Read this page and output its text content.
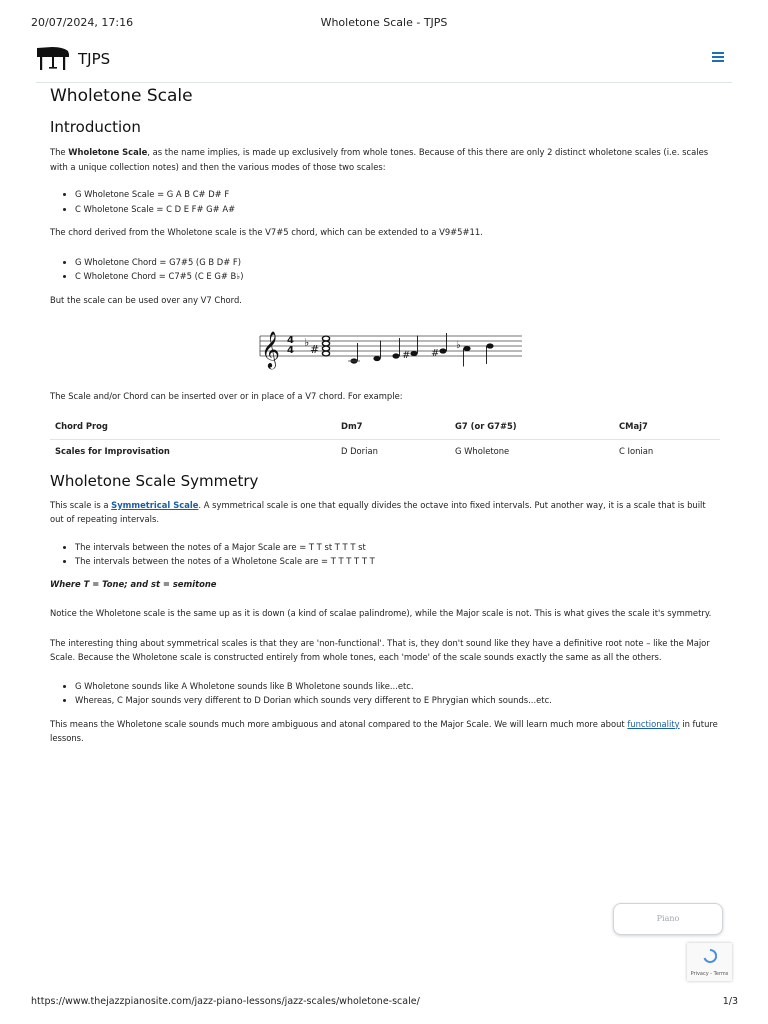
20/07/2024, 17:16	Wholetone Scale - TJPS
TJPS
Wholetone Scale
Introduction

The Wholetone Scale, as the name implies, is made up exclusively from whole tones. Because of this there are only 2 distinct wholetone scales (i.e. scales with a unique collection notes) and then the various modes of those two scales:

• G Wholetone Scale = G A B C# D# F
• C Wholetone Scale = C D E F# G# A#

The chord derived from the Wholetone scale is the V7#5 chord, which can be extended to a V9#5#11.

• G Wholetone Chord = G7#5 (G B D# F)
• C Wholetone Chord = C7#5 (C E G# B♭)

But the scale can be used over any V7 Chord.

𝄞 4
4
♭
#	# #
♭

The Scale and/or Chord can be inserted over or in place of a V7 chord. For example:

Chord Prog	Dm7	G7 (or G7#5)	CMaj7
Scales for Improvisation	D Dorian	G Wholetone	C Ionian
Wholetone Scale Symmetry

This scale is a Symmetrical Scale. A symmetrical scale is one that equally divides the octave into fixed intervals. Put another way, it is a scale that is built out of repeating intervals.

• The intervals between the notes of a Major Scale are = T T st T T T st
• The intervals between the notes of a Wholetone Scale are = T T T T T T

Where T = Tone; and st = semitone

Notice the Wholetone scale is the same up as it is down (a kind of scalae palindrome), while the Major scale is not. This is what gives the scale it's symmetry.

The interesting thing about symmetrical scales is that they are 'non-functional'. That is, they don't sound like they have a definitive root note – like the Major Scale. Because the Wholetone scale is constructed entirely from whole tones, each 'mode' of the scale sounds exactly the same as all the others.

• G Wholetone sounds like A Wholetone sounds like B Wholetone sounds like...etc.
• Whereas, C Major sounds very different to D Dorian which sounds very different to E Phrygian which sounds...etc.

This means the Wholetone scale sounds much more ambiguous and atonal compared to the Major Scale. We will learn much more about functionality in future lessons.

Piano
Privacy - Terms
https://www.thejazzpianosite.com/jazz-piano-lessons/jazz-scales/wholetone-scale/	1/3
